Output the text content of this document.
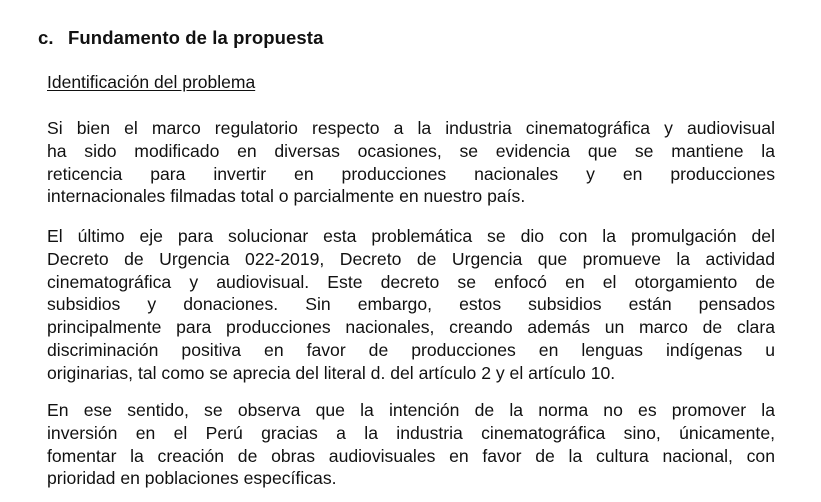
c. Fundamento de la propuesta
Identificación del problema
Si bien el marco regulatorio respecto a la industria cinematográfica y audiovisual
ha sido modificado en diversas ocasiones, se evidencia que se mantiene la
reticencia para invertir en producciones nacionales y en producciones
internacionales filmadas total o parcialmente en nuestro país.
El último eje para solucionar esta problemática se dio con la promulgación del
Decreto de Urgencia 022-2019, Decreto de Urgencia que promueve la actividad
cinematográfica y audiovisual. Este decreto se enfocó en el otorgamiento de
subsidios y donaciones. Sin embargo, estos subsidios están pensados
principalmente para producciones nacionales, creando además un marco de clara
discriminación positiva en favor de producciones en lenguas indígenas u
originarias, tal como se aprecia del literal d. del artículo 2 y el artículo 10.
En ese sentido, se observa que la intención de la norma no es promover la
inversión en el Perú gracias a la industria cinematográfica sino, únicamente,
fomentar la creación de obras audiovisuales en favor de la cultura nacional, con
prioridad en poblaciones específicas.
